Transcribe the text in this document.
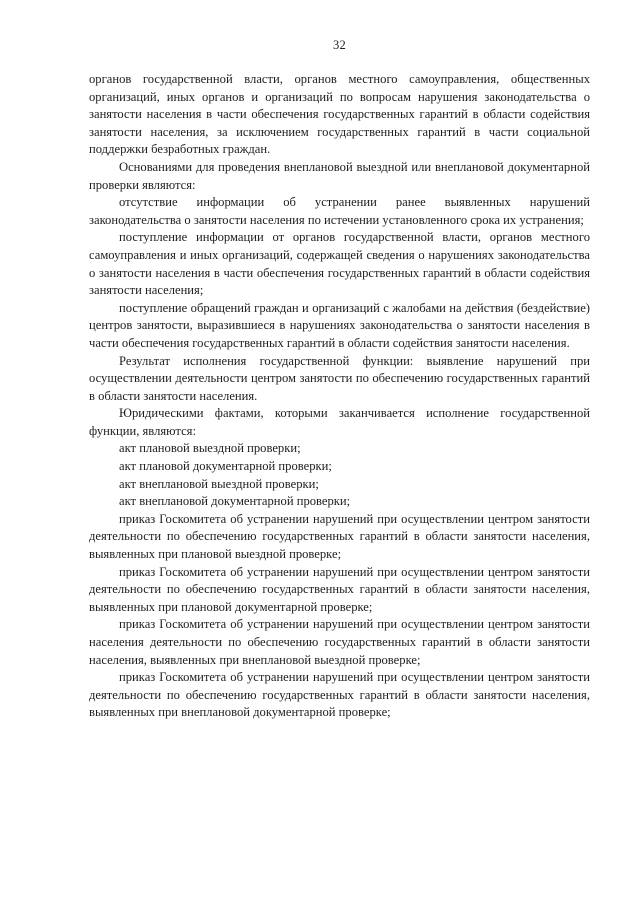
32

органов государственной власти, органов местного самоуправления, общественных организаций, иных органов и организаций по вопросам нарушения законодательства о занятости населения в части обеспечения государственных гарантий в области содействия занятости населения, за исключением государственных гарантий в части социальной поддержки безработных граждан.

Основаниями для проведения внеплановой выездной или внеплановой документарной проверки являются:

отсутствие информации об устранении ранее выявленных нарушений законодательства о занятости населения по истечении установленного срока их устранения;

поступление информации от органов государственной власти, органов местного самоуправления и иных организаций, содержащей сведения о нарушениях законодательства о занятости населения в части обеспечения государственных гарантий в области содействия занятости населения;

поступление обращений граждан и организаций с жалобами на действия (бездействие) центров занятости, выразившиеся в нарушениях законодательства о занятости населения в части обеспечения государственных гарантий в области содействия занятости населения.

Результат исполнения государственной функции: выявление нарушений при осуществлении деятельности центром занятости по обеспечению государственных гарантий в области занятости населения.

Юридическими фактами, которыми заканчивается исполнение государственной функции, являются:

акт плановой выездной проверки;

акт плановой документарной проверки;

акт внеплановой выездной проверки;

акт внеплановой документарной проверки;

приказ Госкомитета об устранении нарушений при осуществлении центром занятости деятельности по обеспечению государственных гарантий в области занятости населения, выявленных при плановой выездной проверке;

приказ Госкомитета об устранении нарушений при осуществлении центром занятости деятельности по обеспечению государственных гарантий в области занятости населения, выявленных при плановой документарной проверке;

приказ Госкомитета об устранении нарушений при осуществлении центром занятости населения деятельности по обеспечению государственных гарантий в области занятости населения, выявленных при внеплановой выездной проверке;

приказ Госкомитета об устранении нарушений при осуществлении центром занятости деятельности по обеспечению государственных гарантий в области занятости населения, выявленных при внеплановой документарной проверке;
